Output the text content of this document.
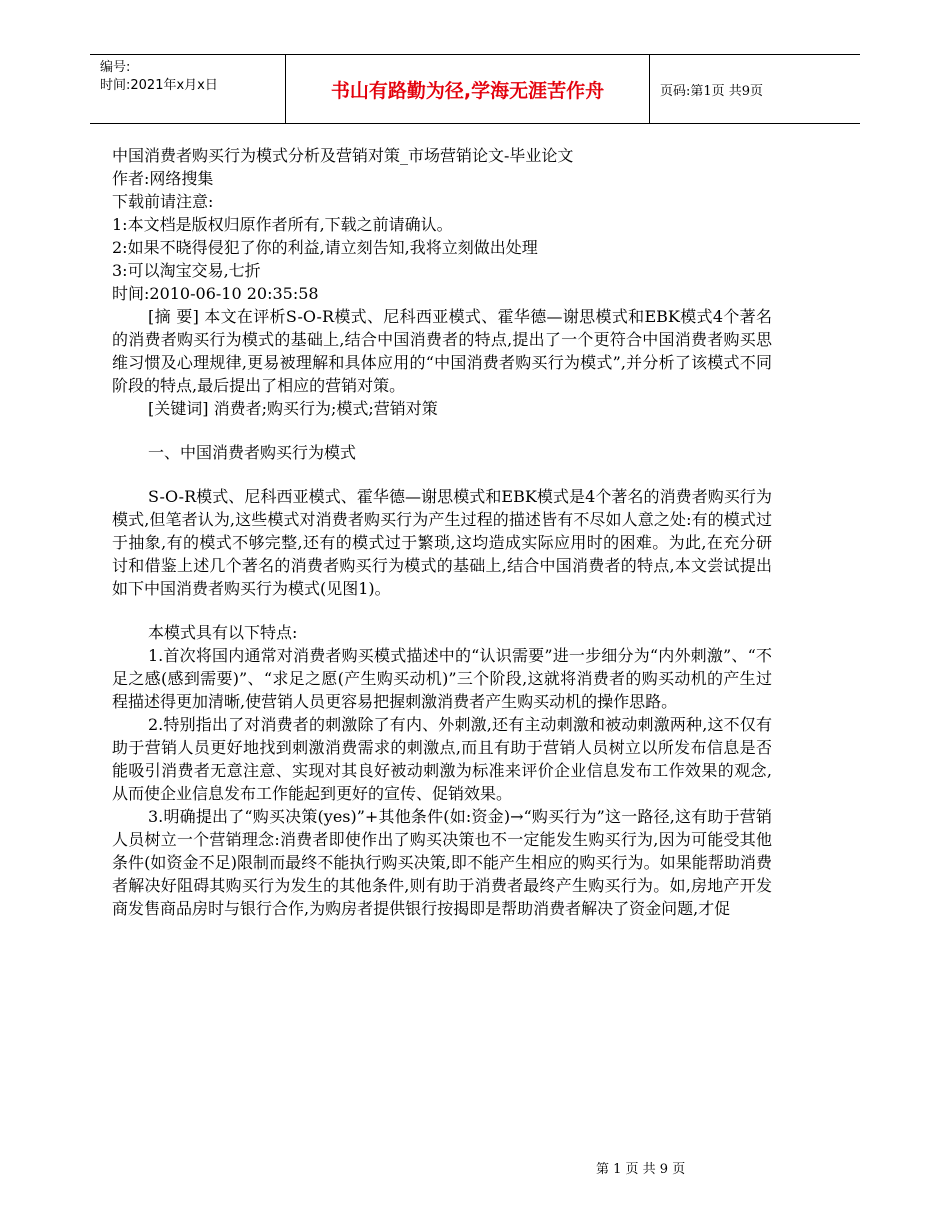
编号:
时间:2021年x月x日	书山有路勤为径,学海无涯苦作舟	页码:第1页 共9页
中国消费者购买行为模式分析及营销对策_市场营销论文-毕业论文
作者:网络搜集
下载前请注意:
1:本文档是版权归原作者所有,下载之前请确认。
2:如果不晓得侵犯了你的利益,请立刻告知,我将立刻做出处理
3:可以淘宝交易,七折
时间:2010-06-10 20:35:58

[摘 要] 本文在评析S-O-R模式、尼科西亚模式、霍华德—谢思模式和EBK模式4个著名的消费者购买行为模式的基础上,结合中国消费者的特点,提出了一个更符合中国消费者购买思维习惯及心理规律,更易被理解和具体应用的“中国消费者购买行为模式”,并分析了该模式不同阶段的特点,最后提出了相应的营销对策。

[关键词] 消费者;购买行为;模式;营销对策
一、中国消费者购买行为模式

S-O-R模式、尼科西亚模式、霍华德—谢思模式和EBK模式是4个著名的消费者购买行为模式,但笔者认为,这些模式对消费者购买行为产生过程的描述皆有不尽如人意之处:有的模式过于抽象,有的模式不够完整,还有的模式过于繁琐,这均造成实际应用时的困难。为此,在充分研讨和借鉴上述几个著名的消费者购买行为模式的基础上,结合中国消费者的特点,本文尝试提出如下中国消费者购买行为模式(见图1)。

本模式具有以下特点:

1.首次将国内通常对消费者购买模式描述中的“认识需要”进一步细分为“内外刺激”、“不足之感(感到需要)”、“求足之愿(产生购买动机)”三个阶段,这就将消费者的购买动机的产生过程描述得更加清晰,使营销人员更容易把握刺激消费者产生购买动机的操作思路。

2.特别指出了对消费者的刺激除了有内、外刺激,还有主动刺激和被动刺激两种,这不仅有助于营销人员更好地找到刺激消费需求的刺激点,而且有助于营销人员树立以所发布信息是否能吸引消费者无意注意、实现对其良好被动刺激为标准来评价企业信息发布工作效果的观念,从而使企业信息发布工作能起到更好的宣传、促销效果。

3.明确提出了“购买决策(yes)”+其他条件(如:资金)→“购买行为”这一路径,这有助于营销人员树立一个营销理念:消费者即使作出了购买决策也不一定能发生购买行为,因为可能受其他条件(如资金不足)限制而最终不能执行购买决策,即不能产生相应的购买行为。如果能帮助消费者解决好阻碍其购买行为发生的其他条件,则有助于消费者最终产生购买行为。如,房地产开发商发售商品房时与银行合作,为购房者提供银行按揭即是帮助消费者解决了资金问题,才促

第 1 页 共 9 页
